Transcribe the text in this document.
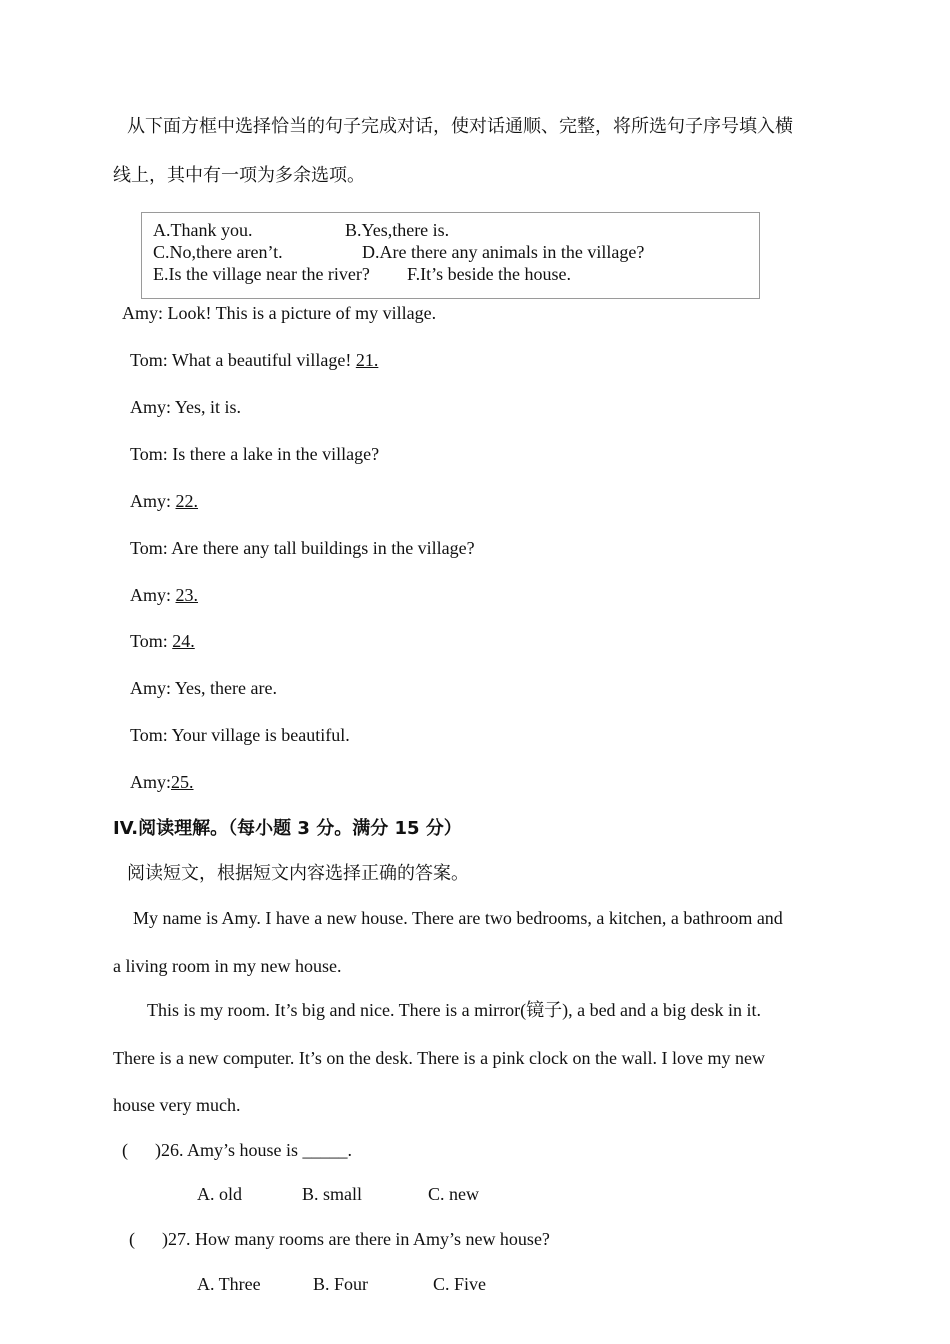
从下面方框中选择恰当的句子完成对话，使对话通顺、完整，将所选句子序号填入横
线上，其中有一项为多余选项。
A.Thank you.	B.Yes,there is.
C.No,there aren’t.	D.Are there any animals in the village?
E.Is the village near the river? F.It’s beside the house.
Amy: Look! This is a picture of my village.
Tom: What a beautiful village! 21.
Amy: Yes, it is.
Tom: Is there a lake in the village?
Amy: 22.
Tom: Are there any tall buildings in the village?
Amy: 23.
Tom: 24.
Amy: Yes, there are.
Tom: Your village is beautiful.
Amy:25.
IV.阅读理解。（每小题 3 分。满分 15 分）
阅读短文，根据短文内容选择正确的答案。
My name is Amy. I have a new house. There are two bedrooms, a kitchen, a bathroom and
a living room in my new house.
This is my room. It’s big and nice. There is a mirror(镜子), a bed and a big desk in it.
There is a new computer. It’s on the desk. There is a pink clock on the wall. I love my new
house very much.
(      )26. Amy’s house is _____.
A. old	B. small	C. new
(      )27. How many rooms are there in Amy’s new house?
A. Three	B. Four	C. Five
